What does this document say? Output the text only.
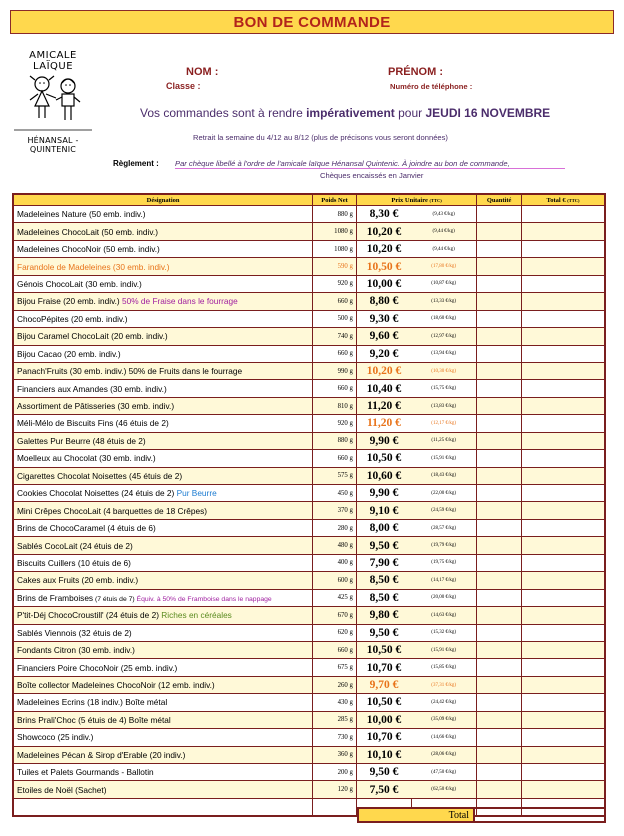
BON DE COMMANDE
AMICALE LAÏQUE
HÉNANSAL - QUINTENIC
NOM :
Classe :
PRÉNOM :
Numéro de téléphone :
Vos commandes sont à rendre impérativement pour JEUDI 16 NOVEMBRE
Retrait la semaine du 4/12 au 8/12 (plus de précisons vous seront données)
Règlement : Par chèque libellé à l'ordre de l'amicale laïque Hénansal Quintenic. À joindre au bon de commande,
Chèques encaissés en Janvier
Désignation	Poids Net	Prix Unitaire (TTC)		Quantité	Total € (TTC)
Madeleines Nature (50 emb. indiv.)	880 g	8,30 €	(9,43 €/kg)		
Madeleines ChocoLait (50 emb. indiv.)	1080 g	10,20 €	(9,44 €/kg)		
Madeleines ChocoNoir (50 emb. indiv.)	1080 g	10,20 €	(9,44 €/kg)		
Farandole de Madeleines (30 emb. indiv.)	590 g	10,50 €	(17,80 €/kg)		
Génois ChocoLait (30 emb. indiv.)	920 g	10,00 €	(10,87 €/kg)		
Bijou Fraise (20 emb. indiv.) 50% de Fraise dans le fourrage	660 g	8,80 €	(13,33 €/kg)		
ChocoPépites (20 emb. indiv.)	500 g	9,30 €	(18,60 €/kg)		
Bijou Caramel ChocoLait (20 emb. indiv.)	740 g	9,60 €	(12,97 €/kg)		
Bijou Cacao (20 emb. indiv.)	660 g	9,20 €	(13,94 €/kg)		
Panach'Fruits (30 emb. indiv.) 50% de Fruits dans le fourrage	990 g	10,20 €	(10,30 €/kg)		
Financiers aux Amandes (30 emb. indiv.)	660 g	10,40 €	(15,75 €/kg)		
Assortiment de Pâtisseries (30 emb. indiv.)	810 g	11,20 €	(13,83 €/kg)		
Méli-Mélo de Biscuits Fins (46 étuis de 2)	920 g	11,20 €	(12,17 €/kg)		
Galettes Pur Beurre (48 étuis de 2)	880 g	9,90 €	(11,25 €/kg)		
Moelleux au Chocolat (30 emb. indiv.)	660 g	10,50 €	(15,91 €/kg)		
Cigarettes Chocolat Noisettes (45 étuis de 2)	575 g	10,60 €	(18,43 €/kg)		
Cookies Chocolat Noisettes (24 étuis de 2) Pur Beurre	450 g	9,90 €	(22,00 €/kg)		
Mini Crêpes ChocoLait (4 barquettes de 18 Crêpes)	370 g	9,10 €	(24,59 €/kg)		
Brins de ChocoCaramel (4 étuis de 6)	280 g	8,00 €	(28,57 €/kg)		
Sablés CocoLait (24 étuis de 2)	480 g	9,50 €	(19,79 €/kg)		
Biscuits Cuillers (10 étuis de 6)	400 g	7,90 €	(19,75 €/kg)		
Cakes aux Fruits (20 emb. indiv.)	600 g	8,50 €	(14,17 €/kg)		
Brins de Framboises (7 étuis de 7) Équiv. à 50% de Framboise dans le nappage	425 g	8,50 €	(20,00 €/kg)		
P'tit-Déj ChocoCroustill' (24 étuis de 2) Riches en céréales	670 g	9,80 €	(14,63 €/kg)		
Sablés Viennois (32 étuis de 2)	620 g	9,50 €	(15,32 €/kg)		
Fondants Citron (30 emb. indiv.)	660 g	10,50 €	(15,91 €/kg)		
Financiers Poire ChocoNoir (25 emb. indiv.)	675 g	10,70 €	(15,85 €/kg)		
Boîte collector Madeleines ChocoNoir (12 emb. indiv.)	260 g	9,70 €	(37,31 €/kg)		
Madeleines Ecrins (18 indiv.) Boîte métal	430 g	10,50 €	(24,42 €/kg)		
Brins Prali'Choc (5 étuis de 4) Boîte métal	285 g	10,00 €	(35,09 €/kg)		
Showcoco (25 indiv.)	730 g	10,70 €	(14,66 €/kg)		
Madeleines Pécan & Sirop d'Erable (20 indiv.)	360 g	10,10 €	(28,06 €/kg)		
Tuiles et Palets Gourmands - Ballotin	200 g	9,50 €	(47,50 €/kg)		
Etoiles de Noël (Sachet)	120 g	7,50 €	(62,50 €/kg)		

Total
